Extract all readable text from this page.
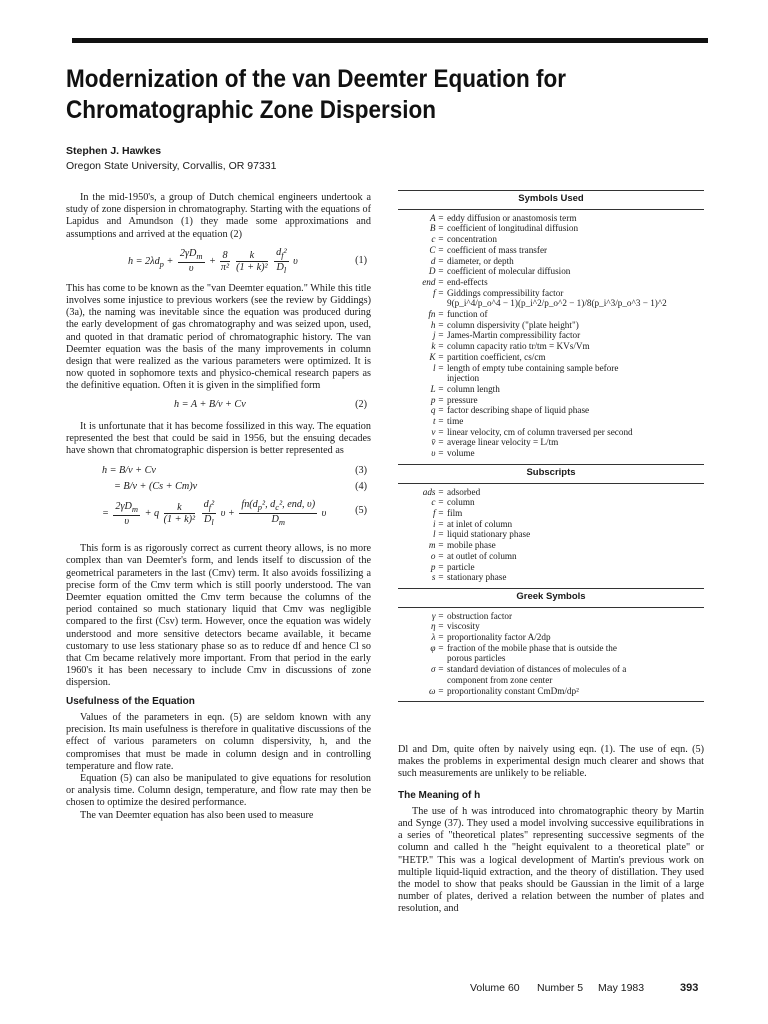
Modernization of the van Deemter Equation for Chromatographic Zone Dispersion
Stephen J. Hawkes
Oregon State University, Corvallis, OR 97331

In the mid-1950's, a group of Dutch chemical engineers undertook a study of zone dispersion in chromatography. Starting with the equations of Lapidus and Amundson (1) they made some approximations and assumptions and arrived at the equation (2)

$h = 2\lambda d_p + \frac{2\gamma D_m}{\upsilon} + \frac{8}{\text{π²}}$
$\frac{k}{\text{(1 + k)²}}$
$\frac{d_f^2}{D_l}$ υ	(1)

This has come to be known as the "van Deemter equation." While this title involves some injustice to previous workers (see the review by Giddings) (3a), the naming was inevitable since the equation was produced during the early development of gas chromatography and was seized upon, used, and quoted in that dramatic period of chromatographic history. The van Deemter equation was the basis of the many improvements in column design that were realized as the various parameters were optimized. It is now quoted in sophomore texts and physico-chemical research papers as the definitive equation. Often it is given in the simplified form

h = A + B/v + Cv	(2)

It is unfortunate that it has become fossilized in this way. The equation represented the best that could be said in 1956, but the ensuing decades have shown that chromatographic dispersion is better represented as

h = B/v + Cv	(3)
= B/v + (Cs + Cm)v	(4)
= $\frac{2\gamma D_m}{\upsilon} + q \frac{k}{\text{(1 + k)²}}$
$\frac{d_f^2}{D_l}$ $\upsilon + \frac{fn(d_p^2, d_c^2, end, \upsilon)}{D_m}$ υ	(5)

This form is as rigorously correct as current theory allows, is no more complex than van Deemter's form, and lends itself to discussion of the geometrical parameters in the last (Cmv) term. It also avoids fossilizing a precise form of the Cmv term which is still poorly understood. The van Deemter equation omitted the Cmv term because the columns of the period contained so much stationary liquid that Cmv was negligible compared to the first (Csv) term. However, once the equation was widely understood and more sensitive detectors became available, it became customary to use less stationary phase so as to reduce df and hence Cl so that Cm became relatively more important. From that period in the early 1960's it has been necessary to include Cmv in discussions of zone dispersion.

Usefulness of the Equation

Values of the parameters in eqn. (5) are seldom known with any precision. Its main usefulness is therefore in qualitative discussions of the effect of various parameters on column dispersivity, h, and the compromises that must be made in column design and in controlling temperature and flow rate.

Equation (5) can also be manipulated to give equations for resolution or analysis time. Column design, temperature, and flow rate may then be chosen to optimize the desired performance.

The van Deemter equation has also been used to measure

Symbols Used
A = eddy diffusion or anastomosis term
B = coefficient of longitudinal diffusion
c = concentration
C = coefficient of mass transfer
d = diameter, or depth
D = coefficient of molecular diffusion
end = end-effects
f = Giddings compressibility factor
9(p_i^4/p_o^4 − 1)(p_i^2/p_o^2 − 1)/8(p_i^3/p_o^3 − 1)^2
fn = function of
h = column dispersivity ("plate height")
j = James-Martin compressibility factor
k = column capacity ratio tr/tm = KVs/Vm
K = partition coefficient, cs/cm
l = length of empty tube containing sample before
injection
L = column length
p = pressure
q = factor describing shape of liquid phase
t = time
v = linear velocity, cm of column traversed per second
v̄ = average linear velocity = L/tm
υ = volume
Subscripts
ads = adsorbed
c = column
f = film
i = at inlet of column
l = liquid stationary phase
m = mobile phase
o = at outlet of column
p = particle
s = stationary phase
Greek Symbols
γ = obstruction factor
η = viscosity
λ = proportionality factor A/2dp
φ = fraction of the mobile phase that is outside the
porous particles
σ = standard deviation of distances of molecules of a
component from zone center
ω = proportionality constant CmDm/dp²

Dl and Dm, quite often by naively using eqn. (1). The use of eqn. (5) makes the problems in experimental design much clearer and shows that such measurements are unlikely to be reliable.

The Meaning of h

The use of h was introduced into chromatographic theory by Martin and Synge (37). They used a model involving successive equilibrations in a series of "theoretical plates" representing successive segments of the column and called h the "height equivalent to a theoretical plate" or "HETP." This was a logical development of Martin's previous work on multiple liquid-liquid extraction, and the theory of distillation. They used the model to show that peaks should be Gaussian in the limit of a large number of plates, derived a relation between the number of plates and resolution, and

Volume 60 Number 5 May 1983	393
